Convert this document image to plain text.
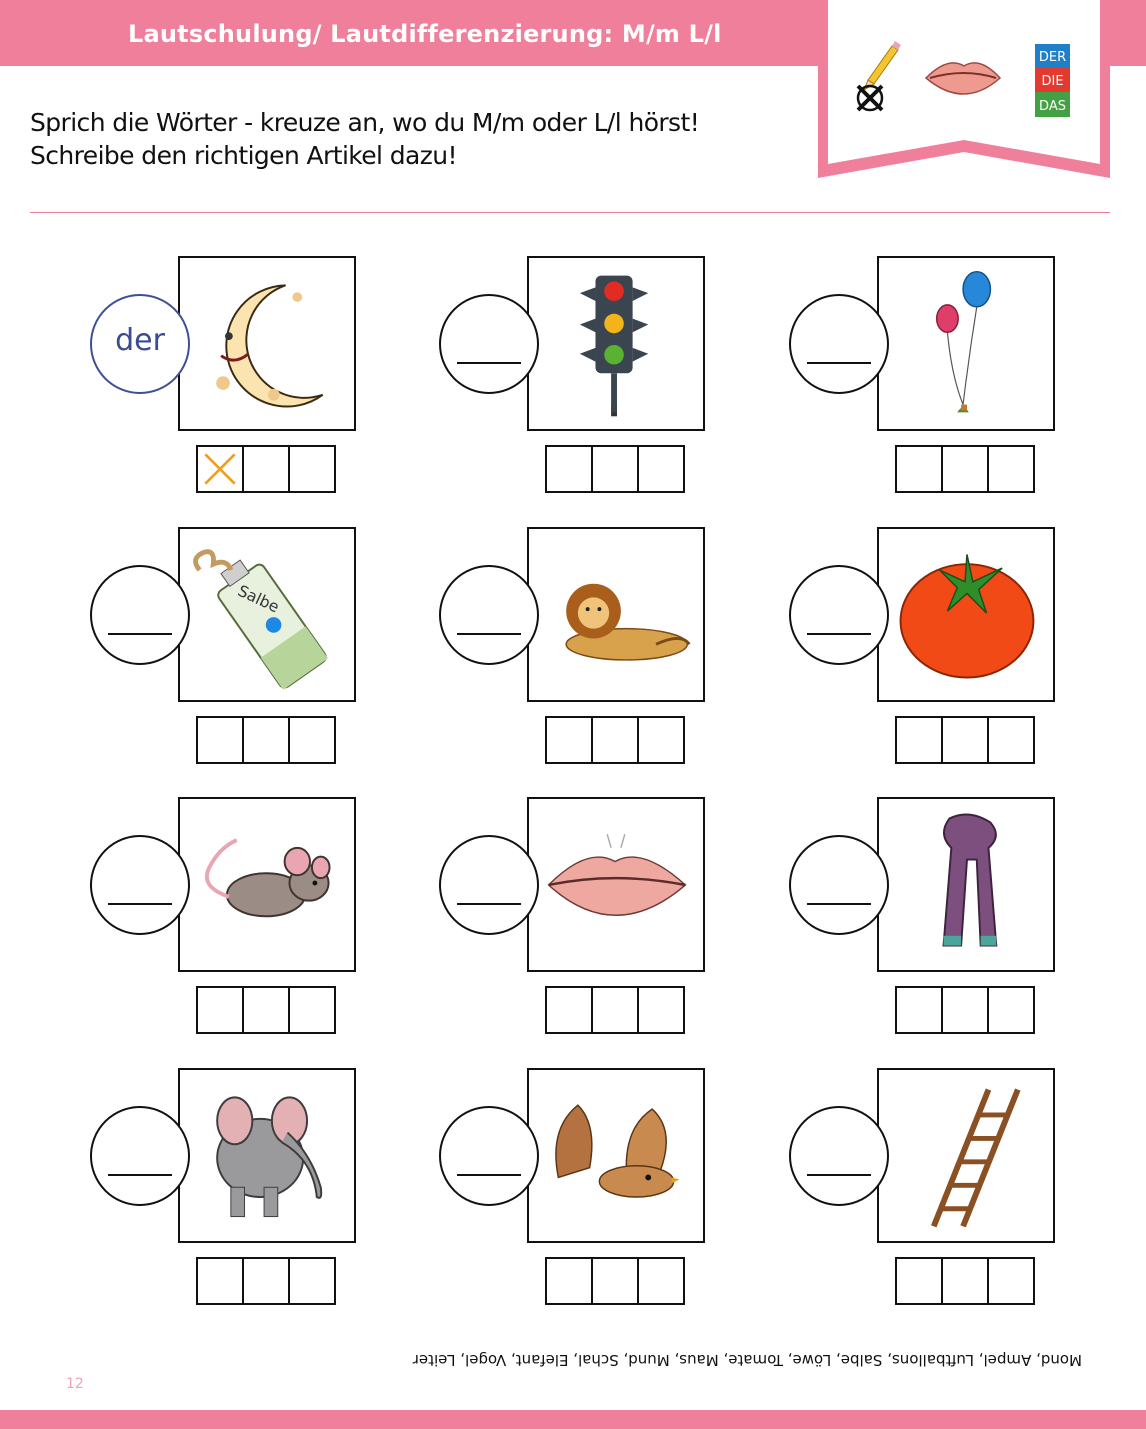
Lautschulung/ Lautdifferenzierung: M/m L/l
DER
DIE
DAS
Sprich die Wörter - kreuze an, wo du M/m oder L/l hörst!
Schreibe den richtigen Artikel dazu!
der
Salbe
Mond, Ampel, Luftballons, Salbe, Löwe, Tomate, Maus, Mund, Schal, Elefant, Vogel, Leiter
12
